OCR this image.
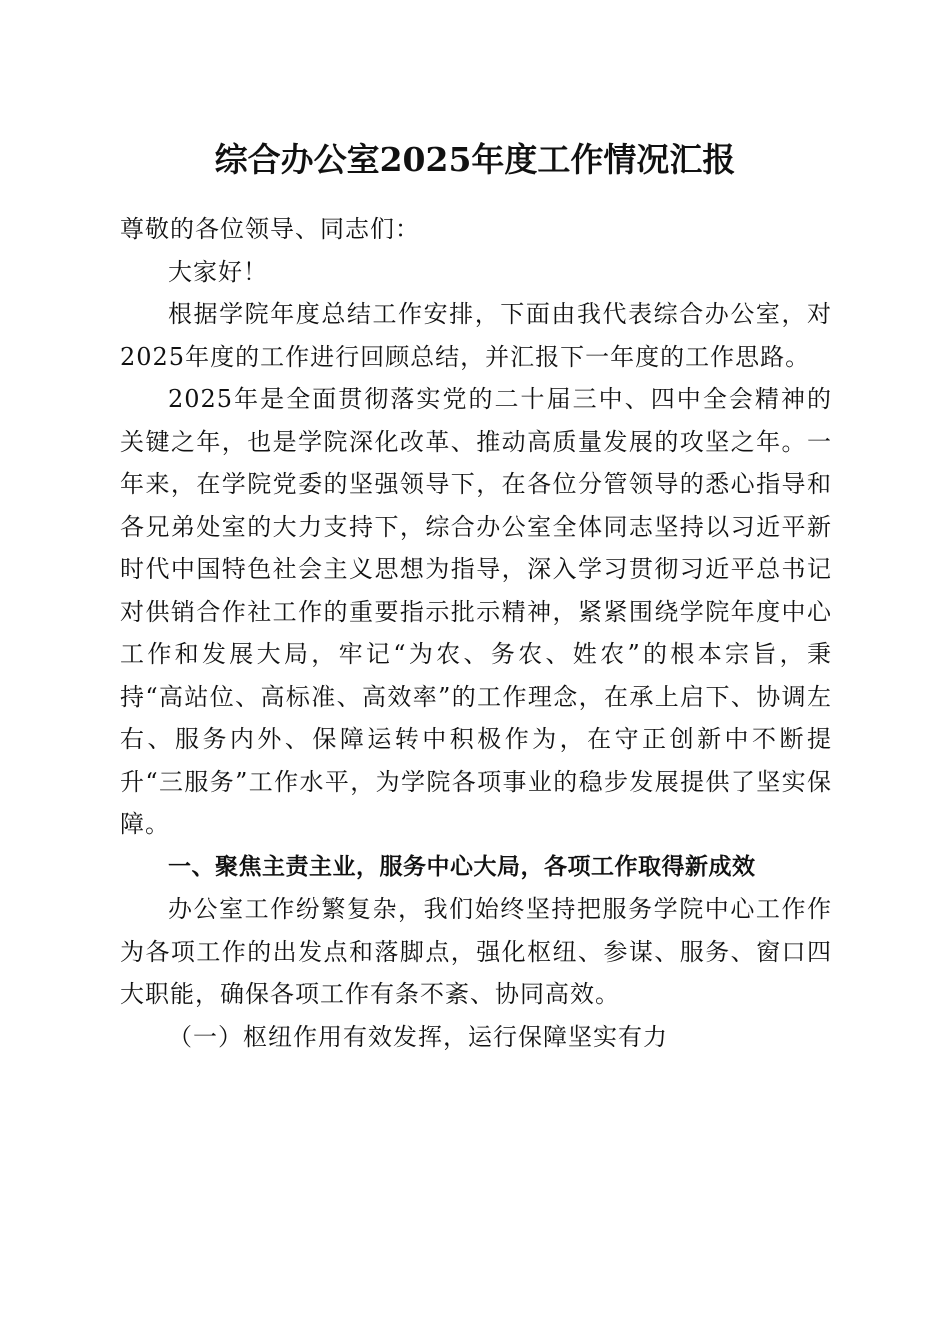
综合办公室2025年度工作情况汇报

尊敬的各位领导、同志们：

大家好！

根据学院年度总结工作安排，下面由我代表综合办公室，对2025年度的工作进行回顾总结，并汇报下一年度的工作思路。

2025年是全面贯彻落实党的二十届三中、四中全会精神的关键之年，也是学院深化改革、推动高质量发展的攻坚之年。一年来，在学院党委的坚强领导下，在各位分管领导的悉心指导和各兄弟处室的大力支持下，综合办公室全体同志坚持以习近平新时代中国特色社会主义思想为指导，深入学习贯彻习近平总书记对供销合作社工作的重要指示批示精神，紧紧围绕学院年度中心工作和发展大局，牢记“为农、务农、姓农”的根本宗旨，秉持“高站位、高标准、高效率”的工作理念，在承上启下、协调左右、服务内外、保障运转中积极作为，在守正创新中不断提升“三服务”工作水平，为学院各项事业的稳步发展提供了坚实保障。

一、聚焦主责主业，服务中心大局，各项工作取得新成效

办公室工作纷繁复杂，我们始终坚持把服务学院中心工作作为各项工作的出发点和落脚点，强化枢纽、参谋、服务、窗口四大职能，确保各项工作有条不紊、协同高效。

（一）枢纽作用有效发挥，运行保障坚实有力
